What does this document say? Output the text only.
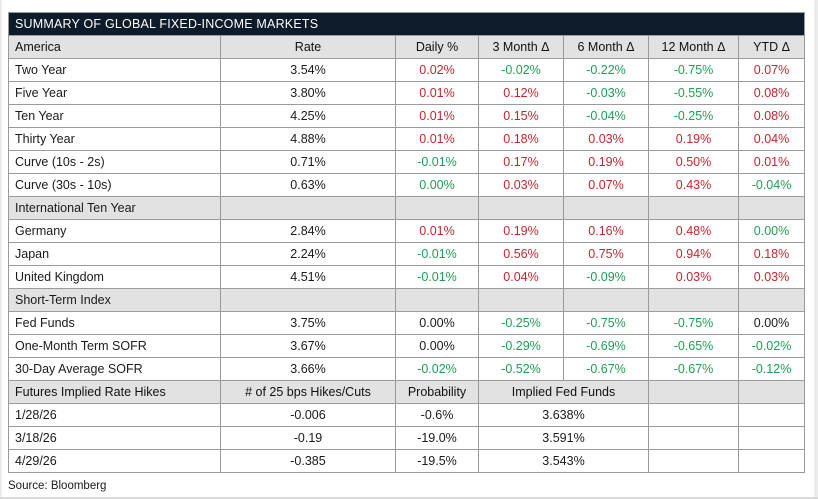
SUMMARY OF GLOBAL FIXED-INCOME MARKETS						
America	Rate	Daily %	3 Month Δ	6 Month Δ	12 Month Δ	YTD Δ
Two Year	3.54%	0.02%	-0.02%	-0.22%	-0.75%	0.07%
Five Year	3.80%	0.01%	0.12%	-0.03%	-0.55%	0.08%
Ten Year	4.25%	0.01%	0.15%	-0.04%	-0.25%	0.08%
Thirty Year	4.88%	0.01%	0.18%	0.03%	0.19%	0.04%
Curve (10s - 2s)	0.71%	-0.01%	0.17%	0.19%	0.50%	0.01%
Curve (30s - 10s)	0.63%	0.00%	0.03%	0.07%	0.43%	-0.04%
International Ten Year						
Germany	2.84%	0.01%	0.19%	0.16%	0.48%	0.00%
Japan	2.24%	-0.01%	0.56%	0.75%	0.94%	0.18%
United Kingdom	4.51%	-0.01%	0.04%	-0.09%	0.03%	0.03%
Short-Term Index						
Fed Funds	3.75%	0.00%	-0.25%	-0.75%	-0.75%	0.00%
One-Month Term SOFR	3.67%	0.00%	-0.29%	-0.69%	-0.65%	-0.02%
30-Day Average SOFR	3.66%	-0.02%	-0.52%	-0.67%	-0.67%	-0.12%
Futures Implied Rate Hikes	# of 25 bps Hikes/Cuts	Probability	Implied Fed Funds			
1/28/26	-0.006	-0.6%	3.638%			
3/18/26	-0.19	-19.0%	3.591%			
4/29/26	-0.385	-19.5%	3.543%			
Source: Bloomberg
